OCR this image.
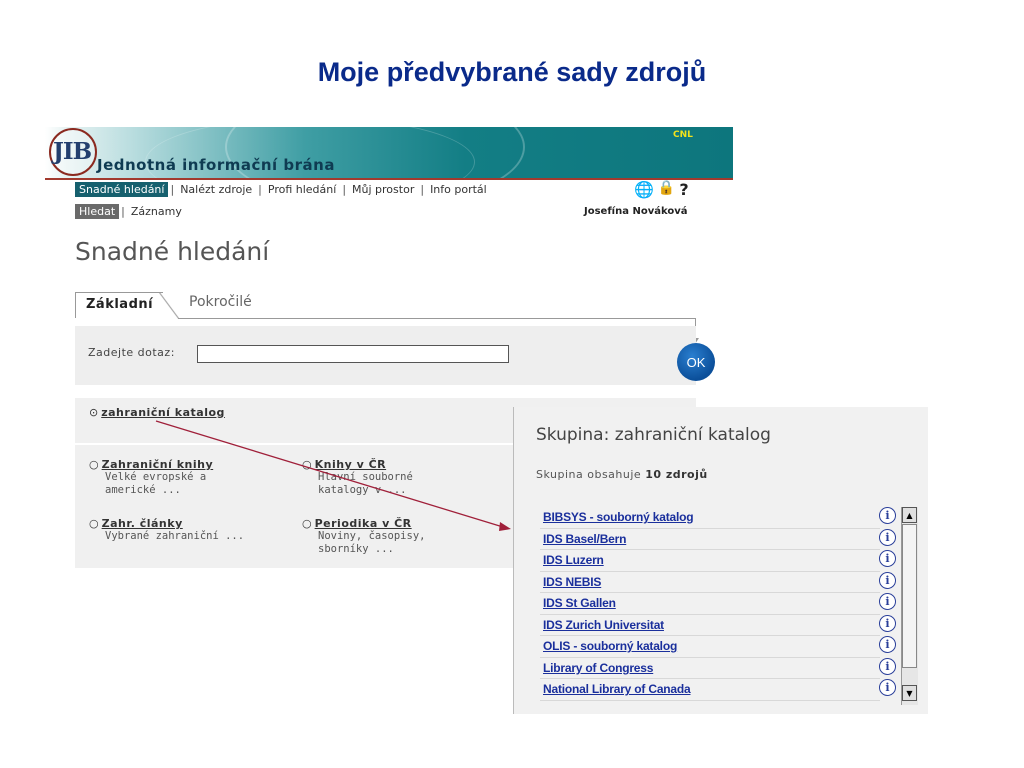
Moje předvybrané sady zdrojů
JIB Jednotná informační brána
CNL
Snadné hledání | Nalézt zdroje | Profi hledání | Můj prostor | Info portál
Hledat | Záznamy
🌐 🔒 ?
Josefína Nováková
Snadné hledání
Základní	Pokročilé
Zadejte dotaz:
OK
⊙ zahraniční katalog
○ Zahraniční knihy
Velké evropské a
americké ...
○ Knihy v ČR
Hlavní souborné
katalogy v ...
○ Zahr. články
Vybrané zahraniční ...
○ Periodika v ČR
Noviny, časopisy,
sborníky ...
Skupina: zahraniční katalog
Skupina obsahuje 10 zdrojů
BIBSYS - souborný katalog
IDS Basel/Bern
IDS Luzern
IDS NEBIS
IDS St Gallen
IDS Zurich Universitat
OLIS - souborný katalog
Library of Congress
National Library of Canada
i
i
i
i
i
i
i
i
i
▲
▼
